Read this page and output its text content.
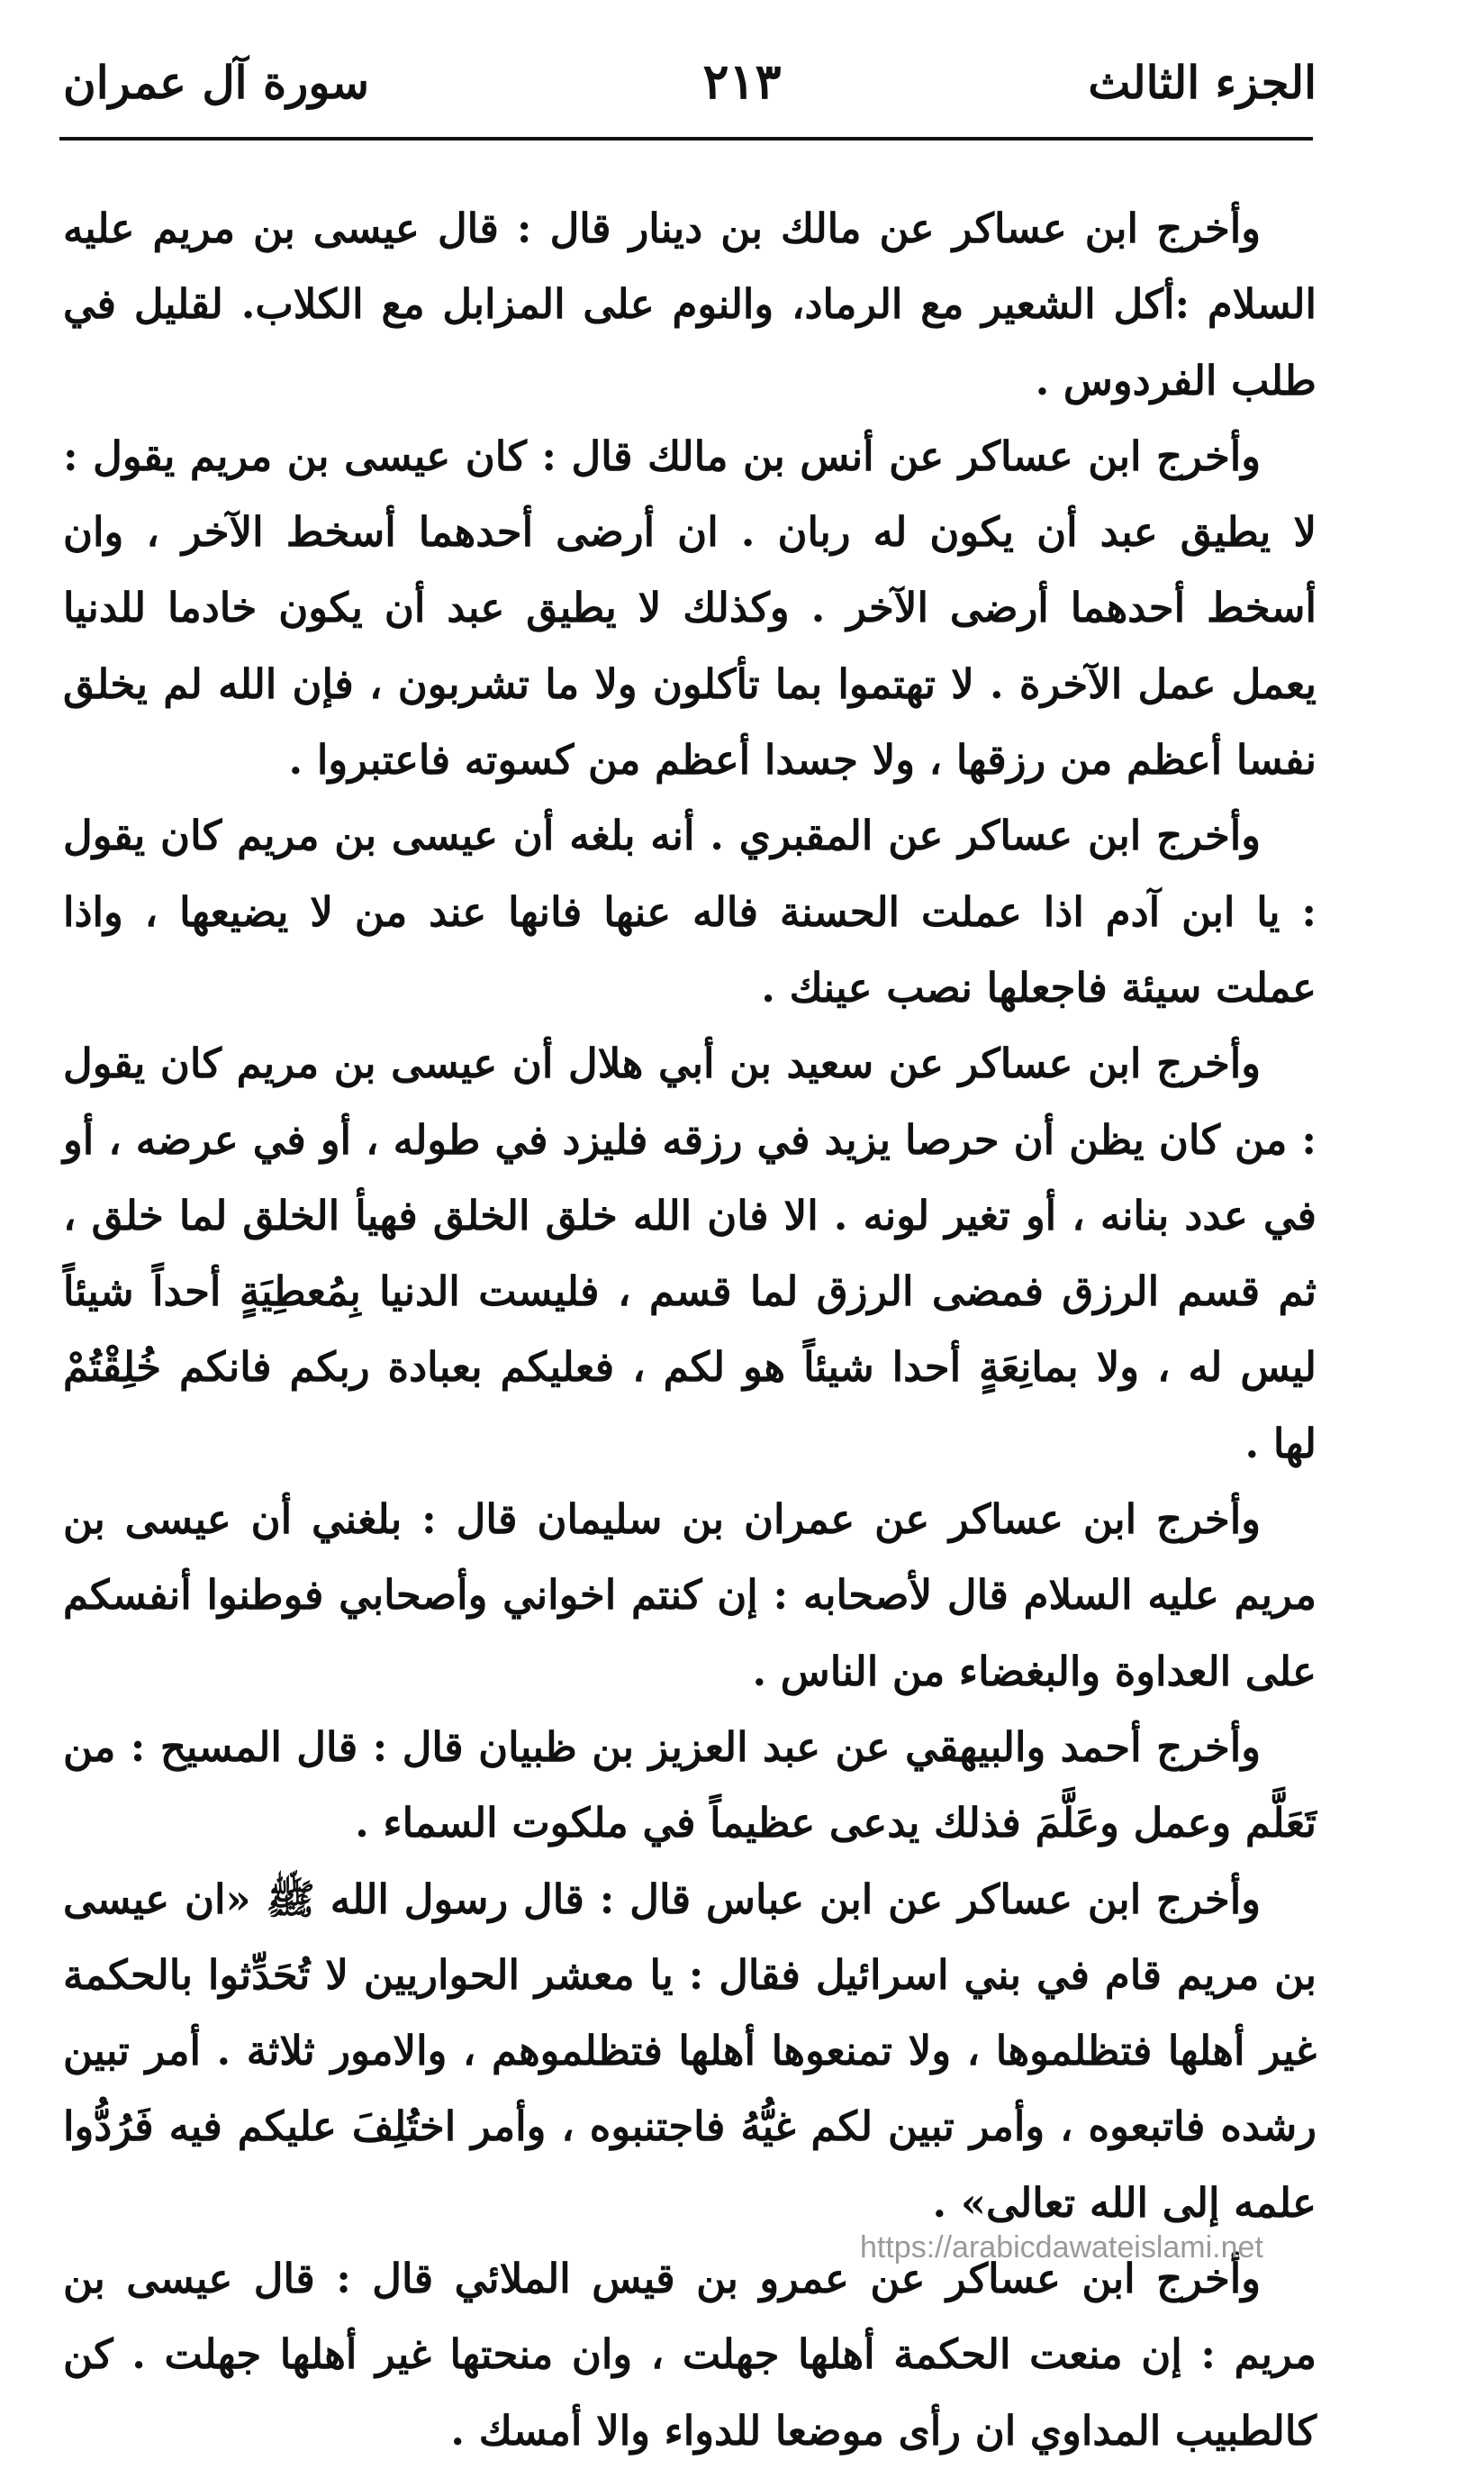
الجزء الثالث
٢١٣
سورة آل عمران

وأخرج ابن عساكر عن مالك بن دينار قال : قال عيسى بن مريم عليه السلام :أكل الشعير مع الرماد، والنوم على المزابل مع الكلاب. لقليل في طلب الفردوس .

وأخرج ابن عساكر عن أنس بن مالك قال : كان عيسى بن مريم يقول : لا يطيق عبد أن يكون له ربان . ان أرضى أحدهما أسخط الآخر ، وان أسخط أحدهما أرضى الآخر . وكذلك لا يطيق عبد أن يكون خادما للدنيا يعمل عمل الآخرة . لا تهتموا بما تأكلون ولا ما تشربون ، فإن الله لم يخلق نفسا أعظم من رزقها ، ولا جسدا أعظم من كسوته فاعتبروا .

وأخرج ابن عساكر عن المقبري . أنه بلغه أن عيسى بن مريم كان يقول : يا ابن آدم اذا عملت الحسنة فاله عنها فانها عند من لا يضيعها ، واذا عملت سيئة فاجعلها نصب عينك .

وأخرج ابن عساكر عن سعيد بن أبي هلال أن عيسى بن مريم كان يقول : من كان يظن أن حرصا يزيد في رزقه فليزد في طوله ، أو في عرضه ، أو في عدد بنانه ، أو تغير لونه . الا فان الله خلق الخلق فهيأ الخلق لما خلق ، ثم قسم الرزق فمضى الرزق لما قسم ، فليست الدنيا بِمُعطِيَةٍ أحداً شيئاً ليس له ، ولا بمانِعَةٍ أحدا شيئاً هو لكم ، فعليكم بعبادة ربكم فانكم خُلِقْتُمْ لها .

وأخرج ابن عساكر عن عمران بن سليمان قال : بلغني أن عيسى بن مريم عليه السلام قال لأصحابه : إن كنتم اخواني وأصحابي فوطنوا أنفسكم على العداوة والبغضاء من الناس .

وأخرج أحمد والبيهقي عن عبد العزيز بن ظبيان قال : قال المسيح : من تَعَلَّم وعمل وعَلَّمَ فذلك يدعى عظيماً في ملكوت السماء .

وأخرج ابن عساكر عن ابن عباس قال : قال رسول الله ﷺ «ان عيسى بن مريم قام في بني اسرائيل فقال : يا معشر الحواريين لا تُحَدِّثوا بالحكمة غير أهلها فتظلموها ، ولا تمنعوها أهلها فتظلموهم ، والامور ثلاثة . أمر تبين رشده فاتبعوه ، وأمر تبين لكم غيُّهُ فاجتنبوه ، وأمر اختُلِفَ عليكم فيه فَرُدُّوا علمه إلى الله تعالى» .

وأخرج ابن عساكر عن عمرو بن قيس الملائي قال : قال عيسى بن مريم : إن منعت الحكمة أهلها جهلت ، وان منحتها غير أهلها جهلت . كن كالطبيب المداوي ان رأى موضعا للدواء والا أمسك .

https://arabicdawateislami.net
